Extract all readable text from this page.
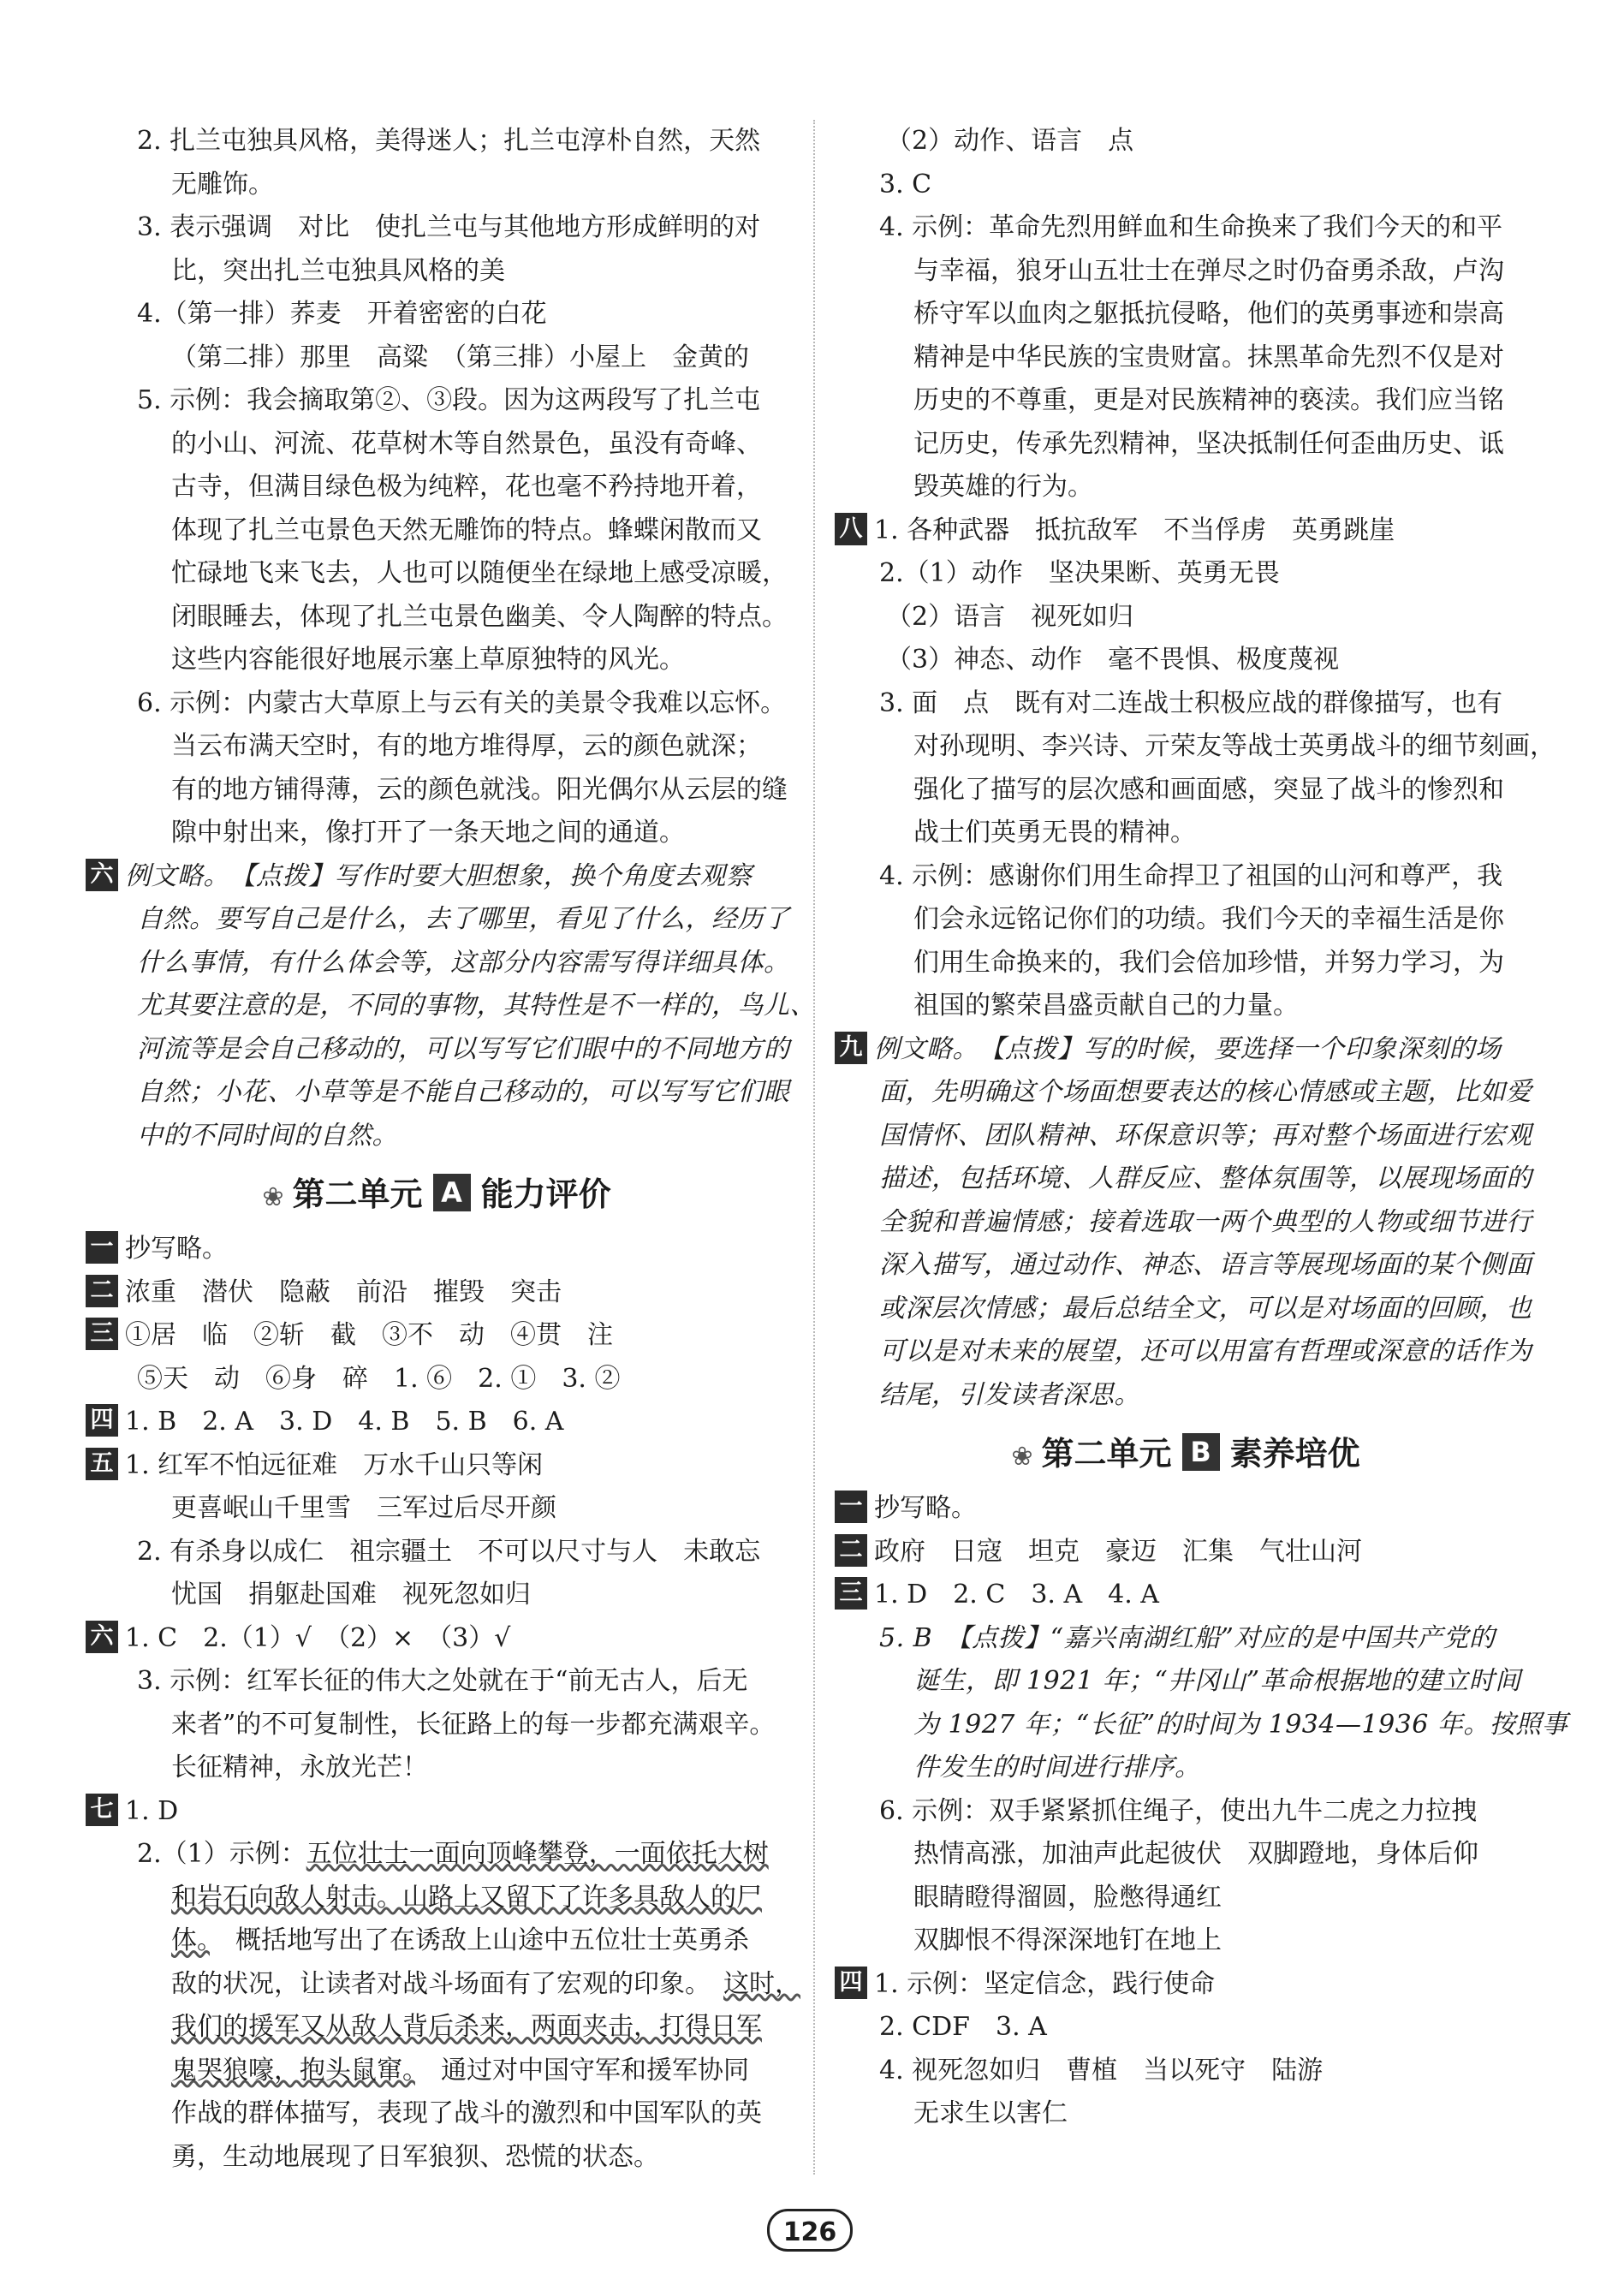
2. 扎兰屯独具风格，美得迷人；扎兰屯淳朴自然，天然
无雕饰。
3. 表示强调　对比　使扎兰屯与其他地方形成鲜明的对
比，突出扎兰屯独具风格的美
4.（第一排）荞麦　开着密密的白花
（第二排）那里　高粱　（第三排）小屋上　金黄的
5. 示例：我会摘取第②、③段。因为这两段写了扎兰屯
的小山、河流、花草树木等自然景色，虽没有奇峰、
古寺，但满目绿色极为纯粹，花也毫不矜持地开着，
体现了扎兰屯景色天然无雕饰的特点。蜂蝶闲散而又
忙碌地飞来飞去，人也可以随便坐在绿地上感受凉暖，
闭眼睡去，体现了扎兰屯景色幽美、令人陶醉的特点。
这些内容能很好地展示塞上草原独特的风光。
6. 示例：内蒙古大草原上与云有关的美景令我难以忘怀。
当云布满天空时，有的地方堆得厚，云的颜色就深；
有的地方铺得薄，云的颜色就浅。阳光偶尔从云层的缝
隙中射出来，像打开了一条天地之间的通道。
六 例文略。　【点拨】写作时要大胆想象，换个角度去观察
自然。要写自己是什么，去了哪里，看见了什么，经历了
什么事情，有什么体会等，这部分内容需写得详细具体。
尤其要注意的是，不同的事物，其特性是不一样的，鸟儿、
河流等是会自己移动的，可以写写它们眼中的不同地方的
自然；小花、小草等是不能自己移动的，可以写写它们眼
中的不同时间的自然。
❀ 第二单元 A 能力评价
一 抄写略。
二 浓重　潜伏　隐蔽　前沿　摧毁　突击
三 ①居　临　②斩　截　③不　动　④贯　注
⑤天　动　⑥身　碎　1. ⑥　2. ①　3. ②
四 1. B　2. A　3. D　4. B　5. B　6. A
五 1. 红军不怕远征难　万水千山只等闲
更喜岷山千里雪　三军过后尽开颜
2. 有杀身以成仁　祖宗疆土　不可以尺寸与人　未敢忘
忧国　捐躯赴国难　视死忽如归
六 1. C　2.（1）√　（2）×　（3）√
3. 示例：红军长征的伟大之处就在于“前无古人，后无
来者”的不可复制性，长征路上的每一步都充满艰辛。
长征精神，永放光芒！
七 1. D
2.（1）示例：五位壮士一面向顶峰攀登，一面依托大树
和岩石向敌人射击。山路上又留下了许多具敌人的尸
体。　概括地写出了在诱敌上山途中五位壮士英勇杀
敌的状况，让读者对战斗场面有了宏观的印象。　这时，
我们的援军又从敌人背后杀来，两面夹击，打得日军
鬼哭狼嚎，抱头鼠窜。　通过对中国守军和援军协同
作战的群体描写，表现了战斗的激烈和中国军队的英
勇，生动地展现了日军狼狈、恐慌的状态。
（2）动作、语言　点
3. C
4. 示例：革命先烈用鲜血和生命换来了我们今天的和平
与幸福，狼牙山五壮士在弹尽之时仍奋勇杀敌，卢沟
桥守军以血肉之躯抵抗侵略，他们的英勇事迹和崇高
精神是中华民族的宝贵财富。抹黑革命先烈不仅是对
历史的不尊重，更是对民族精神的亵渎。我们应当铭
记历史，传承先烈精神，坚决抵制任何歪曲历史、诋
毁英雄的行为。
八 1. 各种武器　抵抗敌军　不当俘虏　英勇跳崖
2.（1）动作　坚决果断、英勇无畏
（2）语言　视死如归
（3）神态、动作　毫不畏惧、极度蔑视
3. 面　点　既有对二连战士积极应战的群像描写，也有
对孙现明、李兴诗、亓荣友等战士英勇战斗的细节刻画，
强化了描写的层次感和画面感，突显了战斗的惨烈和
战士们英勇无畏的精神。
4. 示例：感谢你们用生命捍卫了祖国的山河和尊严，我
们会永远铭记你们的功绩。我们今天的幸福生活是你
们用生命换来的，我们会倍加珍惜，并努力学习，为
祖国的繁荣昌盛贡献自己的力量。
九 例文略。　【点拨】写的时候，要选择一个印象深刻的场
面，先明确这个场面想要表达的核心情感或主题，比如爱
国情怀、团队精神、环保意识等；再对整个场面进行宏观
描述，包括环境、人群反应、整体氛围等，以展现场面的
全貌和普遍情感；接着选取一两个典型的人物或细节进行
深入描写，通过动作、神态、语言等展现场面的某个侧面
或深层次情感；最后总结全文，可以是对场面的回顾，也
可以是对未来的展望，还可以用富有哲理或深意的话作为
结尾，引发读者深思。
❀ 第二单元 B 素养培优
一 抄写略。
二 政府　日寇　坦克　豪迈　汇集　气壮山河
三 1. D　2. C　3. A　4. A
5. B　【点拨】“嘉兴南湖红船”对应的是中国共产党的
诞生，即 1921 年；“井冈山”革命根据地的建立时间
为 1927 年；“长征”的时间为 1934—1936 年。按照事
件发生的时间进行排序。
6. 示例：双手紧紧抓住绳子，使出九牛二虎之力拉拽
热情高涨，加油声此起彼伏　双脚蹬地，身体后仰
眼睛瞪得溜圆，脸憋得通红
双脚恨不得深深地钉在地上
四 1. 示例：坚定信念，践行使命
2. CDF　3. A
4. 视死忽如归　曹植　当以死守　陆游
无求生以害仁
126
